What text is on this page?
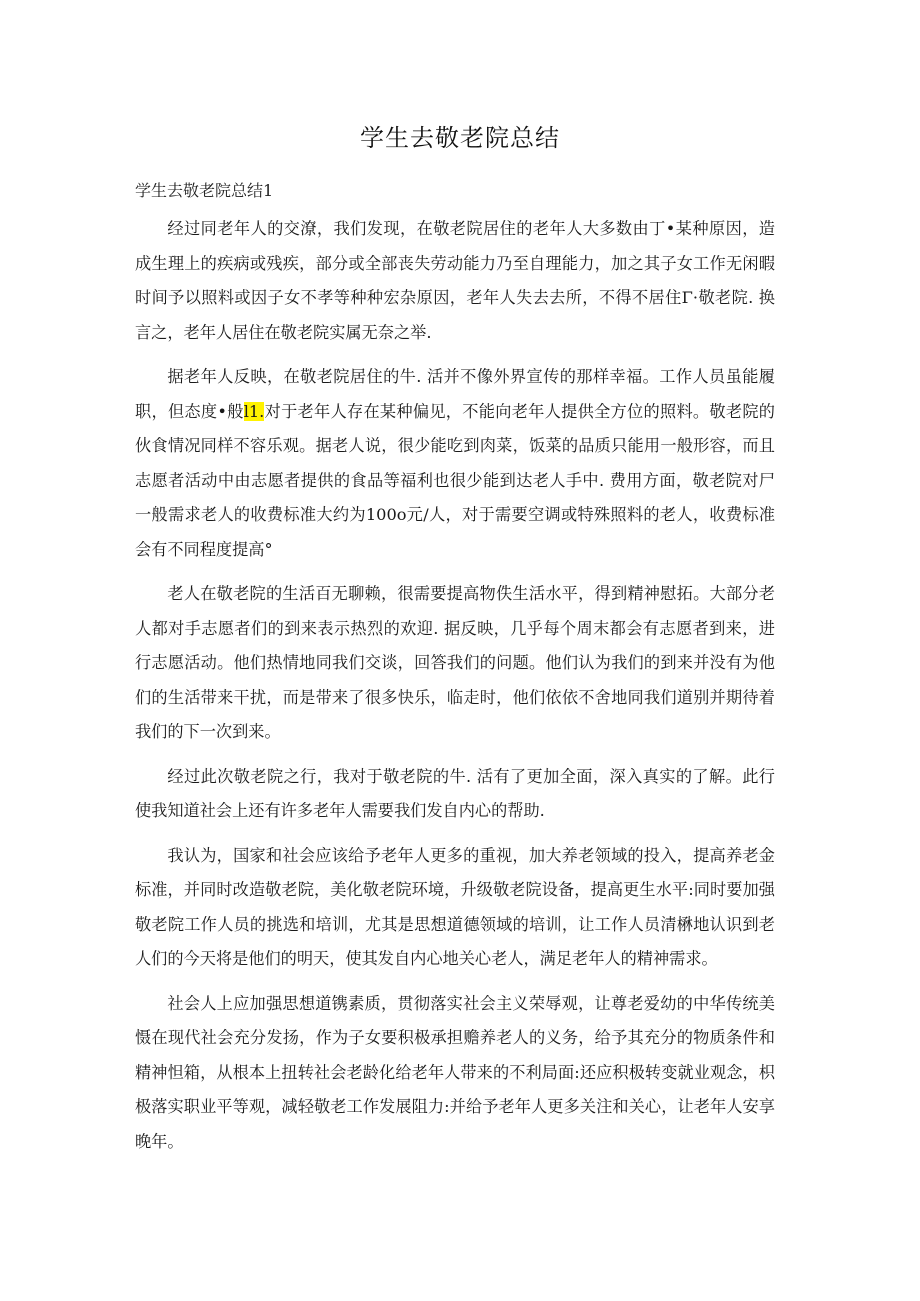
学生去敬老院总结

学生去敬老院总结1

经过同老年人的交潦，我们发现，在敬老院居住的老年人大多数由丁•某种原因，造成生理上的疾病或残疾，部分或全部丧失劳动能力乃至自理能力，加之其子女工作无闲暇时间予以照料或因子女不孝等种种宏杂原因，老年人失去去所，不得不居住Γ·敬老院. 换言之，老年人居住在敬老院实属无奈之举.

据老年人反映，在敬老院居住的牛. 活并不像外界宣传的那样幸福。工作人员虽能履职，但态度•般l1.对于老年人存在某种偏见，不能向老年人提供全方位的照料。敬老院的伙食情况同样不容乐观。据老人说，很少能吃到肉菜，饭菜的品质只能用一般形容，而且志愿者活动中由志愿者提供的食品等福利也很少能到达老人手中. 费用方面，敬老院对尸一般需求老人的收费标准大约为100o元/人，对于需要空调或特殊照料的老人，收费标准会有不同程度提高°

老人在敬老院的生活百无聊赖，很需要提高物佚生活水平，得到精神慰拓。大部分老人都对手志愿者们的到来表示热烈的欢迎. 据反映，几乎每个周末都会有志愿者到来，进行志愿活动。他们热情地同我们交谈，回答我们的问题。他们认为我们的到来并没有为他们的生活带来干扰，而是带来了很多快乐，临走时，他们依依不舍地同我们道别并期待着我们的下一次到来。

经过此次敬老院之行，我对于敬老院的牛. 活有了更加全面，深入真实的了解。此行使我知道社会上还有许多老年人需要我们发自内心的帮助.

我认为，国家和社会应该给予老年人更多的重视，加大养老领域的投入，提高养老金标准，并同时改造敬老院，美化敬老院环境，升级敬老院设备，提高更生水平:同时要加强敬老院工作人员的挑选和培训，尤其是思想道德领域的培训，让工作人员清楙地认识到老人们的今天将是他们的明天，使其发自内心地关心老人，满足老年人的精神需求。

社会人上应加强思想道镌素质，贯彻落实社会主义荣辱观，让尊老爱幼的中华传统美慑在现代社会充分发扬，作为子女要积极承担赡养老人的义务，给予其充分的物质条件和精神怛箱，从根本上扭转社会老龄化给老年人带来的不利局面:还应积极转变就业观念，枳极落实职业平等观，减轻敬老工作发展阻力:并给予老年人更多关注和关心，让老年人安享晚年。
